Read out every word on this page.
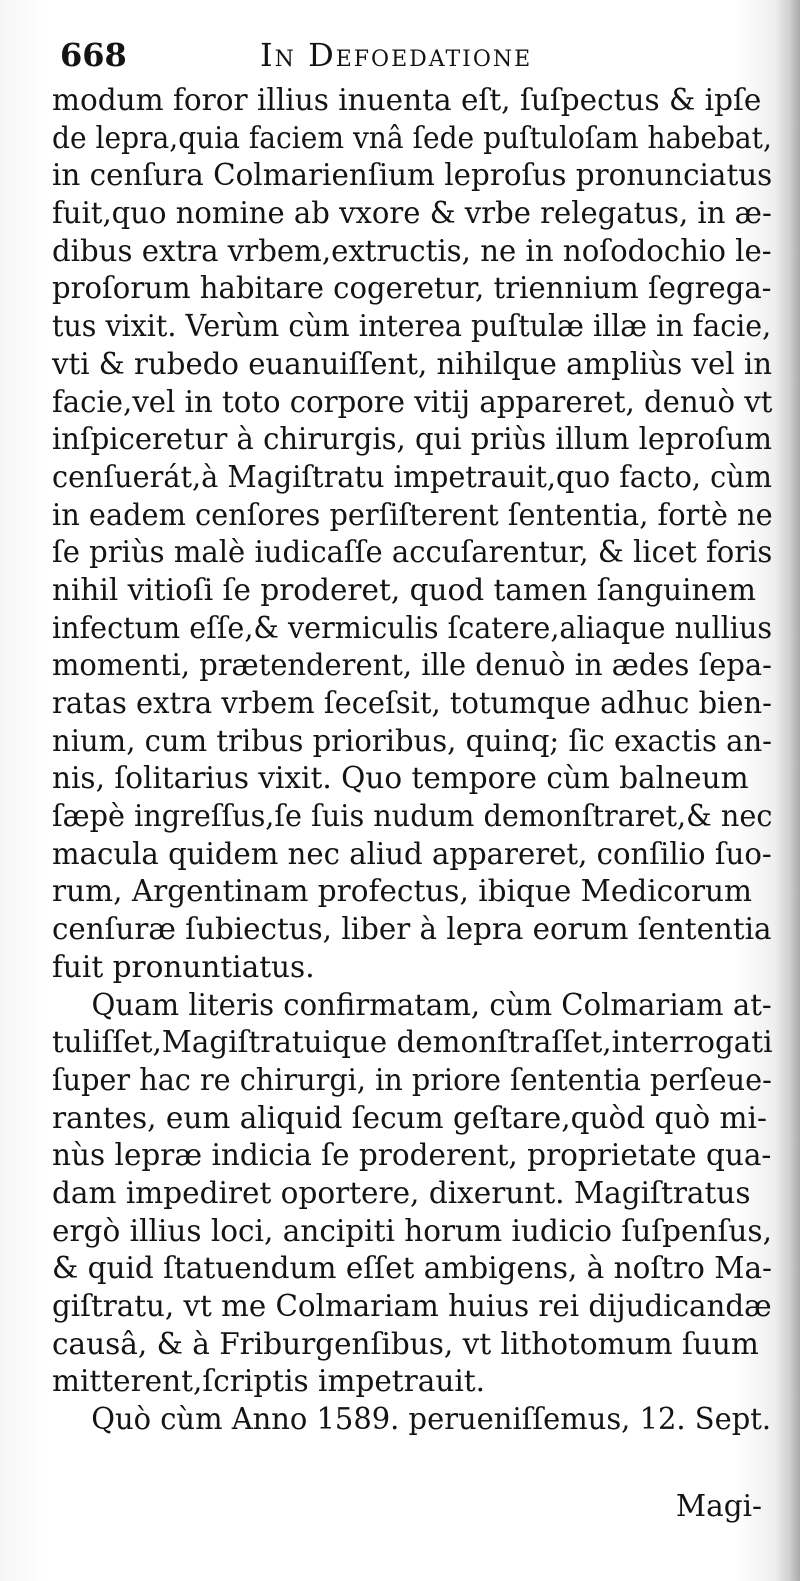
668	In Defoedatione
modum foror illius inuenta eſt, ſuſpectus & ipſe
de lepra,quia faciem vnâ ſede puſtuloſam habebat,
in cenſura Colmarienſium leproſus pronunciatus
fuit,quo nomine ab vxore & vrbe relegatus, in æ-
dibus extra vrbem,extructis, ne in noſodochio le-
proſorum habitare cogeretur, triennium ſegrega-
tus vixit. Verùm cùm interea puſtulæ illæ in facie,
vti & rubedo euanuiſſent, nihilque ampliùs vel in
facie,vel in toto corpore vitij appareret, denuò vt
inſpiceretur à chirurgis, qui priùs illum leproſum
cenſuerát,à Magiſtratu impetrauit,quo facto, cùm
in eadem cenſores perſiſterent ſententia, fortè ne
ſe priùs malè iudicaſſe accuſarentur, & licet foris
nihil vitioſi ſe proderet, quod tamen ſanguinem
infectum eſſe,& vermiculis ſcatere,aliaque nullius
momenti, prætenderent, ille denuò in ædes ſepa-
ratas extra vrbem ſeceſsit, totumque adhuc bien-
nium, cum tribus prioribus, quinq; ſic exactis an-
nis, ſolitarius vixit. Quo tempore cùm balneum
ſæpè ingreſſus,ſe ſuis nudum demonſtraret,& nec
macula quidem nec aliud appareret, conſilio ſuo-
rum, Argentinam profectus, ibique Medicorum
cenſuræ ſubiectus, liber à lepra eorum ſententia
fuit pronuntiatus.
Quam literis confirmatam, cùm Colmariam at-
tuliſſet,Magiſtratuique demonſtraſſet,interrogati
ſuper hac re chirurgi, in priore ſententia perſeue-
rantes, eum aliquid ſecum geſtare,quòd quò mi-
nùs lepræ indicia ſe proderent, proprietate qua-
dam impediret oportere, dixerunt. Magiſtratus
ergò illius loci, ancipiti horum iudicio ſuſpenſus,
& quid ſtatuendum eſſet ambigens, à noſtro Ma-
giſtratu, vt me Colmariam huius rei dijudicandæ
causâ, & à Friburgenſibus, vt lithotomum ſuum
mitterent,ſcriptis impetrauit.
Quò cùm Anno 1589. perueniſſemus, 12. Sept.
Magi-
